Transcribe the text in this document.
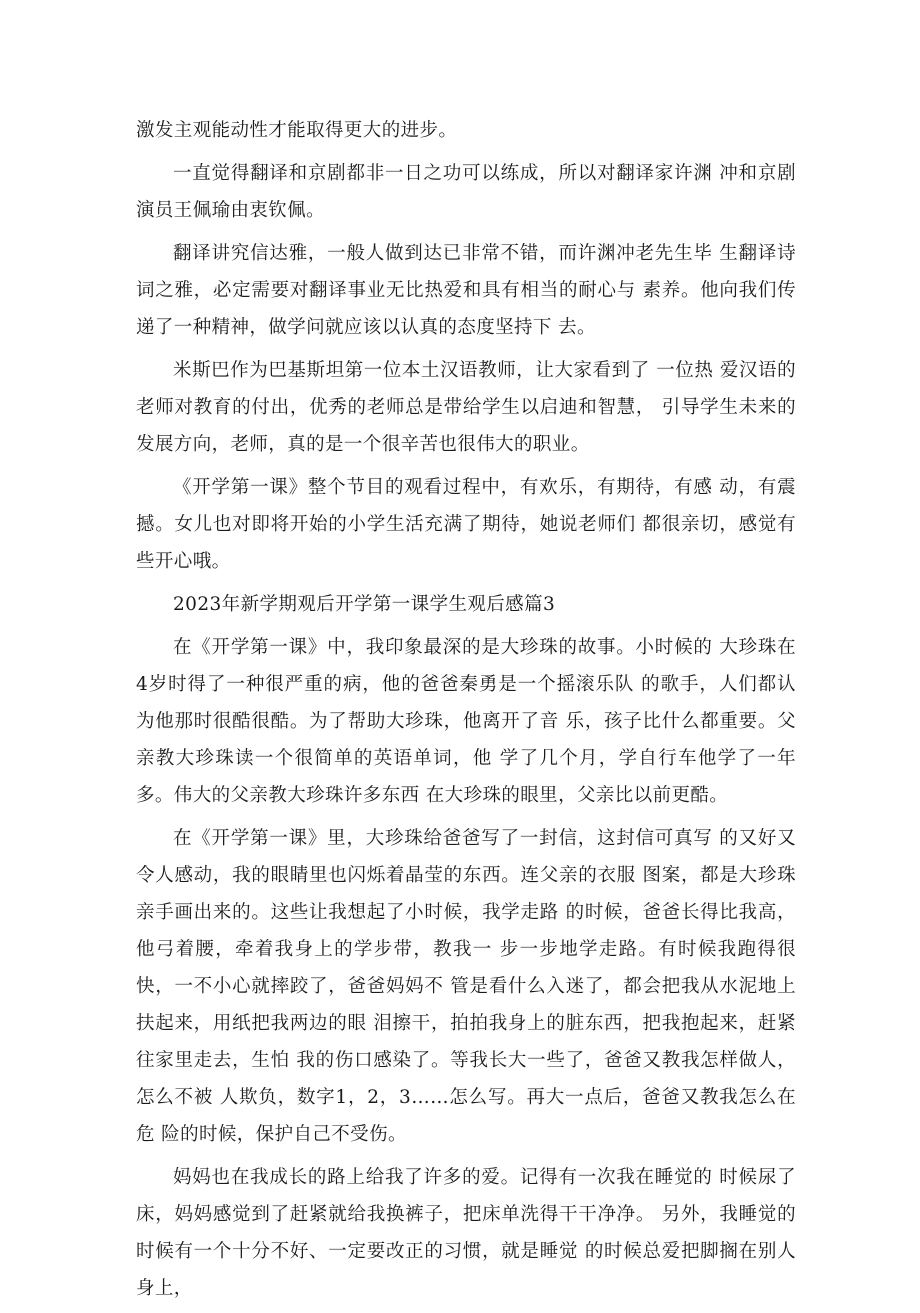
激发主观能动性才能取得更大的进步。

一直觉得翻译和京剧都非一日之功可以练成，所以对翻译家许渊 冲和京剧演员王佩瑜由衷钦佩。

翻译讲究信达雅，一般人做到达已非常不错，而许渊冲老先生毕 生翻译诗词之雅，必定需要对翻译事业无比热爱和具有相当的耐心与 素养。他向我们传递了一种精神，做学问就应该以认真的态度坚持下 去。

米斯巴作为巴基斯坦第一位本土汉语教师，让大家看到了 一位热 爱汉语的老师对教育的付出，优秀的老师总是带给学生以启迪和智慧， 引导学生未来的发展方向，老师，真的是一个很辛苦也很伟大的职业。

《开学第一课》整个节目的观看过程中，有欢乐，有期待，有感 动，有震撼。女儿也对即将开始的小学生活充满了期待，她说老师们 都很亲切，感觉有些开心哦。

2023年新学期观后开学第一课学生观后感篇3

在《开学第一课》中，我印象最深的是大珍珠的故事。小时候的 大珍珠在4岁时得了一种很严重的病，他的爸爸秦勇是一个摇滚乐队 的歌手，人们都认为他那时很酷很酷。为了帮助大珍珠，他离开了音 乐，孩子比什么都重要。父亲教大珍珠读一个很简单的英语单词，他 学了几个月，学自行车他学了一年多。伟大的父亲教大珍珠许多东西 在大珍珠的眼里，父亲比以前更酷。

在《开学第一课》里，大珍珠给爸爸写了一封信，这封信可真写 的又好又令人感动，我的眼睛里也闪烁着晶莹的东西。连父亲的衣服 图案，都是大珍珠亲手画出来的。这些让我想起了小时候，我学走路 的时候，爸爸长得比我高，他弓着腰，牵着我身上的学步带，教我一 步一步地学走路。有时候我跑得很快，一不小心就摔跤了，爸爸妈妈不 管是看什么入迷了，都会把我从水泥地上扶起来，用纸把我两边的眼 泪擦干，拍拍我身上的脏东西，把我抱起来，赶紧往家里走去，生怕 我的伤口感染了。等我长大一些了，爸爸又教我怎样做人，怎么不被 人欺负，数字1，2，3……怎么写。再大一点后，爸爸又教我怎么在危 险的时候，保护自己不受伤。

妈妈也在我成长的路上给我了许多的爱。记得有一次我在睡觉的 时候尿了床，妈妈感觉到了赶紧就给我换裤子，把床单洗得干干净净。 另外，我睡觉的时候有一个十分不好、一定要改正的习惯，就是睡觉 的时候总爱把脚搁在别人身上，
